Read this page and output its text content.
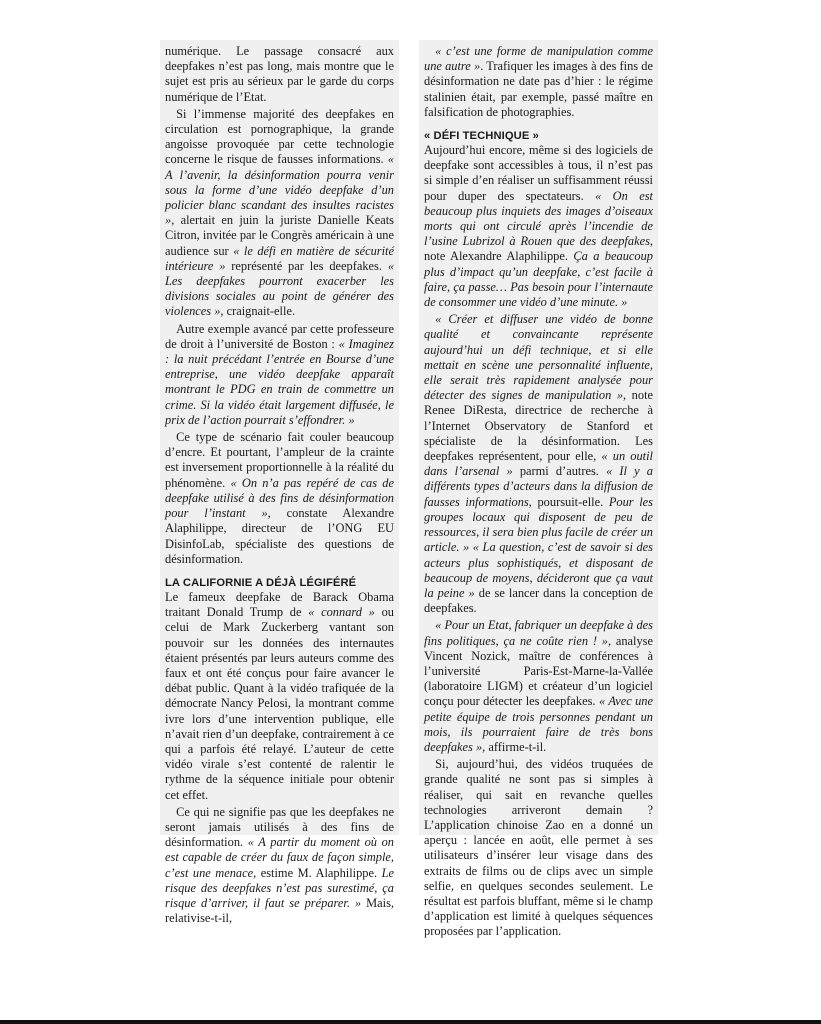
numérique. Le passage consacré aux deepfakes n’est pas long, mais montre que le sujet est pris au sérieux par le garde du corps numérique de l’Etat.

Si l’immense majorité des deepfakes en circulation est pornographique, la grande angoisse provoquée par cette technologie concerne le risque de fausses informations. « A l’avenir, la désinformation pourra venir sous la forme d’une vidéo deepfake d’un policier blanc scandant des insultes racistes », alertait en juin la juriste Danielle Keats Citron, invitée par le Congrès américain à une audience sur « le défi en matière de sécurité intérieure » représenté par les deepfakes. « Les deepfakes pourront exacerber les divisions sociales au point de générer des violences », craignait-elle.

Autre exemple avancé par cette professeure de droit à l’université de Boston : « Imaginez : la nuit précédant l’entrée en Bourse d’une entreprise, une vidéo deepfake apparaît montrant le PDG en train de commettre un crime. Si la vidéo était largement diffusée, le prix de l’action pourrait s’effondrer. »

Ce type de scénario fait couler beaucoup d’encre. Et pourtant, l’ampleur de la crainte est inversement proportionnelle à la réalité du phénomène. « On n’a pas repéré de cas de deepfake utilisé à des fins de désinformation pour l’instant », constate Alexandre Alaphilippe, directeur de l’ONG EU DisinfoLab, spécialiste des questions de désinformation.

LA CALIFORNIE A DÉJÀ LÉGIFÉRÉ

Le fameux deepfake de Barack Obama traitant Donald Trump de « connard » ou celui de Mark Zuckerberg vantant son pouvoir sur les données des internautes étaient présentés par leurs auteurs comme des faux et ont été conçus pour faire avancer le débat public. Quant à la vidéo trafiquée de la démocrate Nancy Pelosi, la montrant comme ivre lors d’une intervention publique, elle n’avait rien d’un deepfake, contrairement à ce qui a parfois été relayé. L’auteur de cette vidéo virale s’est contenté de ralentir le rythme de la séquence initiale pour obtenir cet effet.

Ce qui ne signifie pas que les deepfakes ne seront jamais utilisés à des fins de désinformation. « A partir du moment où on est capable de créer du faux de façon simple, c’est une menace, estime M. Alaphilippe. Le risque des deepfakes n’est pas surestimé, ça risque d’arriver, il faut se préparer. » Mais, relativise-t-il,

« c’est une forme de manipulation comme une autre ». Trafiquer les images à des fins de désinformation ne date pas d’hier : le régime stalinien était, par exemple, passé maître en falsification de photographies.

« DÉFI TECHNIQUE »

Aujourd’hui encore, même si des logiciels de deepfake sont accessibles à tous, il n’est pas si simple d’en réaliser un suffisamment réussi pour duper des spectateurs. « On est beaucoup plus inquiets des images d’oiseaux morts qui ont circulé après l’incendie de l’usine Lubrizol à Rouen que des deepfakes, note Alexandre Alaphilippe. Ça a beaucoup plus d’impact qu’un deepfake, c’est facile à faire, ça passe… Pas besoin pour l’internaute de consommer une vidéo d’une minute. »

« Créer et diffuser une vidéo de bonne qualité et convaincante représente aujourd’hui un défi technique, et si elle mettait en scène une personnalité influente, elle serait très rapidement analysée pour détecter des signes de manipulation », note Renee DiResta, directrice de recherche à l’Internet Observatory de Stanford et spécialiste de la désinformation. Les deepfakes représentent, pour elle, « un outil dans l’arsenal » parmi d’autres. « Il y a différents types d’acteurs dans la diffusion de fausses informations, poursuit-elle. Pour les groupes locaux qui disposent de peu de ressources, il sera bien plus facile de créer un article. » « La question, c’est de savoir si des acteurs plus sophistiqués, et disposant de beaucoup de moyens, décideront que ça vaut la peine » de se lancer dans la conception de deepfakes.

« Pour un Etat, fabriquer un deepfake à des fins politiques, ça ne coûte rien ! », analyse Vincent Nozick, maître de conférences à l’université Paris-Est-Marne-la-Vallée (laboratoire LIGM) et créateur d’un logiciel conçu pour détecter les deepfakes. « Avec une petite équipe de trois personnes pendant un mois, ils pourraient faire de très bons deepfakes », affirme-t-il.

Si, aujourd’hui, des vidéos truquées de grande qualité ne sont pas si simples à réaliser, qui sait en revanche quelles technologies arriveront demain ? L’application chinoise Zao en a donné un aperçu : lancée en août, elle permet à ses utilisateurs d’insérer leur visage dans des extraits de films ou de clips avec un simple selfie, en quelques secondes seulement. Le résultat est parfois bluffant, même si le champ d’application est limité à quelques séquences proposées par l’application.
